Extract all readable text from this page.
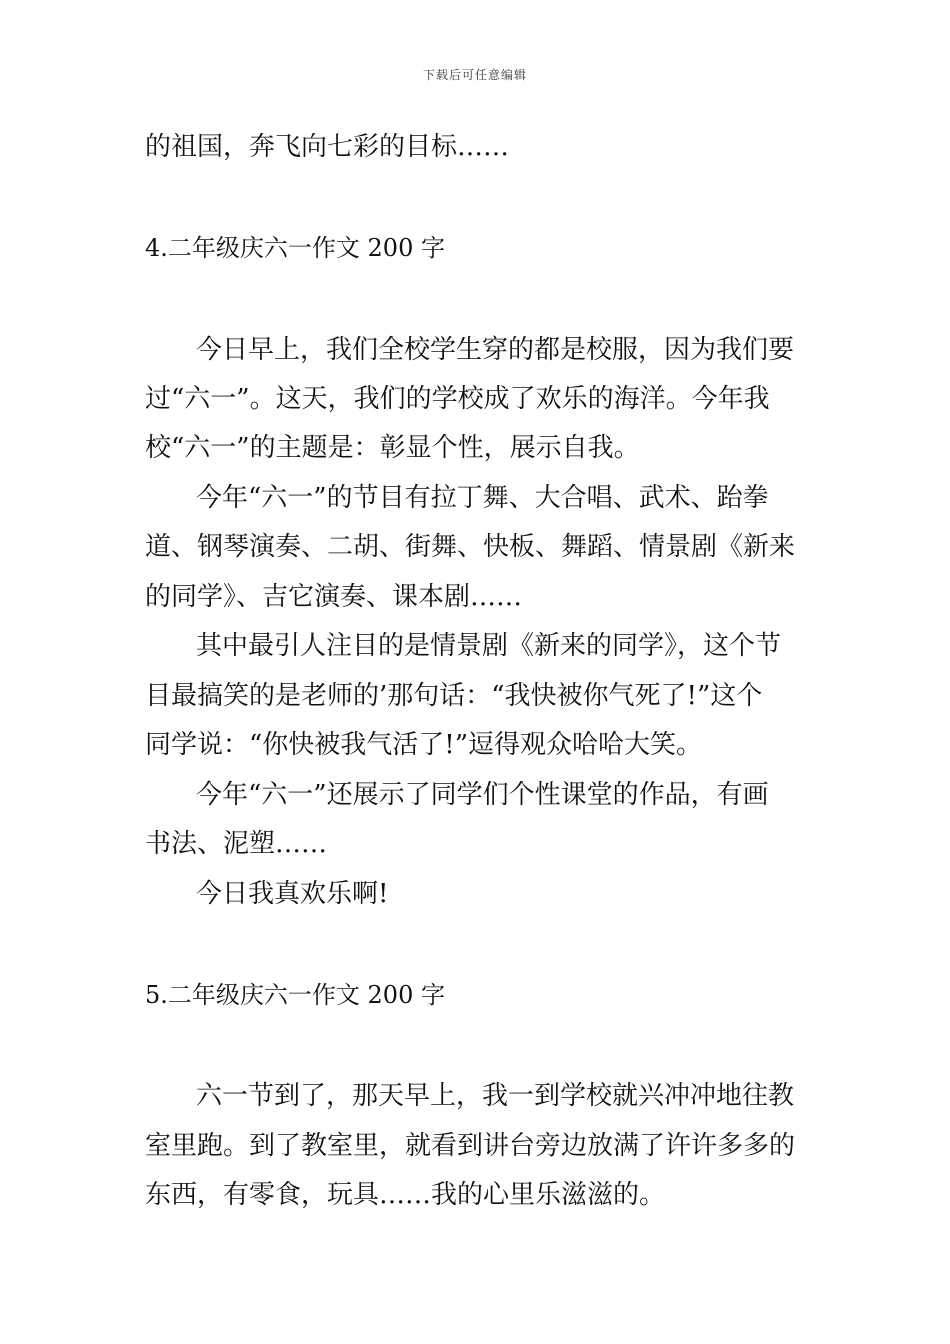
下载后可任意编辑
的祖国，奔飞向七彩的目标……
4.二年级庆六一作文 200 字
今日早上，我们全校学生穿的都是校服，因为我们要
过“六一”。这天，我们的学校成了欢乐的海洋。今年我
校“六一”的主题是：彰显个性，展示自我。
今年“六一”的节目有拉丁舞、大合唱、武术、跆拳
道、钢琴演奏、二胡、街舞、快板、舞蹈、情景剧《新来
的同学》、吉它演奏、课本剧……
其中最引人注目的是情景剧《新来的同学》，这个节
目最搞笑的是老师的’那句话：“我快被你气死了!”这个
同学说：“你快被我气活了!”逗得观众哈哈大笑。
今年“六一”还展示了同学们个性课堂的作品，有画
书法、泥塑……
今日我真欢乐啊!
5.二年级庆六一作文 200 字
六一节到了，那天早上，我一到学校就兴冲冲地往教
室里跑。到了教室里，就看到讲台旁边放满了许许多多的
东西，有零食，玩具……我的心里乐滋滋的。
